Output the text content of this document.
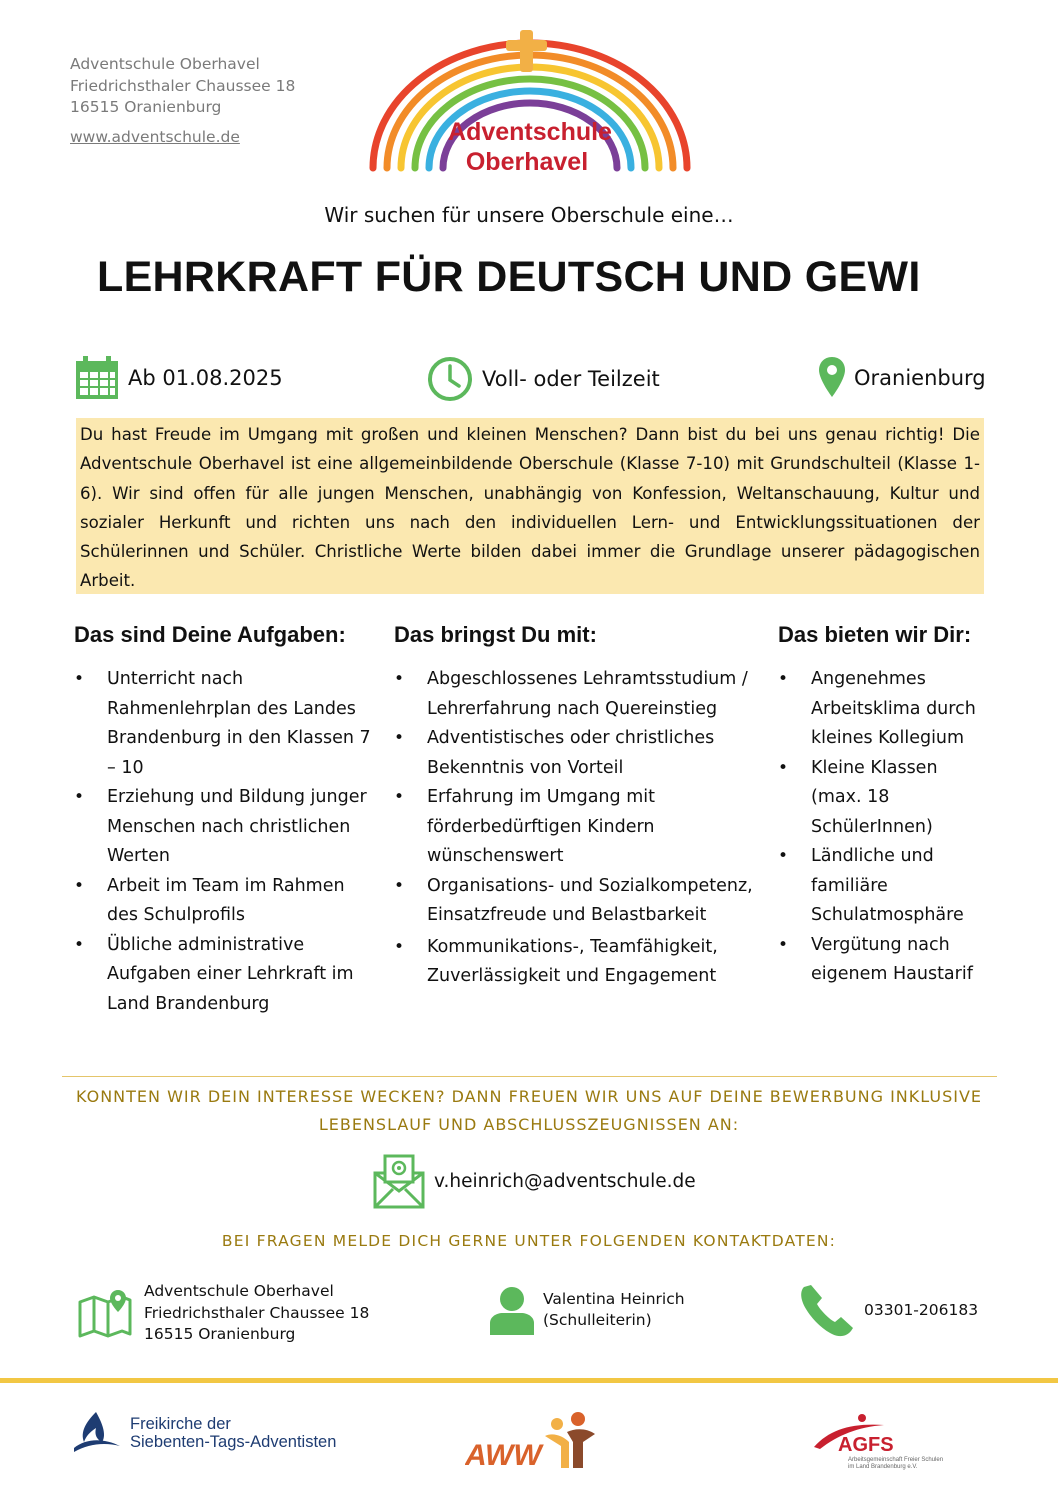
Adventschule Oberhavel
Friedrichsthaler Chaussee 18
16515 Oranienburg
www.adventschule.de	Adventschule
Oberhavel
Wir suchen für unsere Oberschule eine…
LEHRKRAFT FÜR DEUTSCH UND GEWI
Ab 01.08.2025	Voll- oder Teilzeit	Oranienburg
Du hast Freude im Umgang mit großen und kleinen Menschen? Dann bist du bei uns genau richtig! Die Adventschule Oberhavel ist eine allgemeinbildende Oberschule (Klasse 7-10) mit Grundschulteil (Klasse 1-6). Wir sind offen für alle jungen Menschen, unabhängig von Konfession, Weltanschauung, Kultur und sozialer Herkunft und richten uns nach den individuellen Lern- und Entwicklungssituationen der Schülerinnen und Schüler. Christliche Werte bilden dabei immer die Grundlage unserer pädagogischen Arbeit.
Das sind Deine Aufgaben:
• Unterricht nach Rahmenlehrplan des Landes Brandenburg in den Klassen 7 – 10
• Erziehung und Bildung junger Menschen nach christlichen Werten
• Arbeit im Team im Rahmen des Schulprofils
• Übliche administrative Aufgaben einer Lehrkraft im Land Brandenburg
Das bringst Du mit:
• Abgeschlossenes Lehramtsstudium / Lehrerfahrung nach Quereinstieg
• Adventistisches oder christliches Bekenntnis von Vorteil
• Erfahrung im Umgang mit förderbedürftigen Kindern wünschenswert
• Organisations- und Sozialkompetenz, Einsatzfreude und Belastbarkeit
• Kommunikations-, Teamfähigkeit, Zuverlässigkeit und Engagement
Das bieten wir Dir:
• Angenehmes Arbeitsklima durch kleines Kollegium
• Kleine Klassen (max. 18 SchülerInnen)
• Ländliche und familiäre Schulatmosphäre
• Vergütung nach eigenem Haustarif
KONNTEN WIR DEIN INTERESSE WECKEN? DANN FREUEN WIR UNS AUF DEINE BEWERBUNG INKLUSIVE
LEBENSLAUF UND ABSCHLUSSZEUGNISSEN AN:
v.heinrich@adventschule.de
BEI FRAGEN MELDE DICH GERNE UNTER FOLGENDEN KONTAKTDATEN:
Adventschule Oberhavel
Friedrichsthaler Chaussee 18
16515 Oranienburg
Valentina Heinrich
(Schulleiterin)
03301-206183
Freikirche der
Siebenten-Tags-Adventisten	AWW	AGFS
Arbeitsgemeinschaft Freier Schulen
im Land Brandenburg e.V.
